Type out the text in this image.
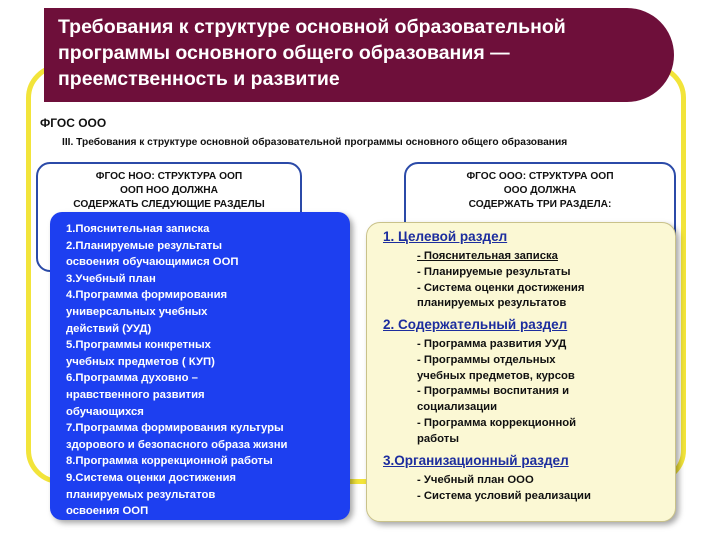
Требования к структуре основной образовательной
программы основного общего образования —
преемственность и развитие
ФГОС ООО
III. Требования к структуре основной образовательной программы основного общего образования
ФГОС НОО: СТРУКТУРА ООП
ООП НОО ДОЛЖНА
СОДЕРЖАТЬ СЛЕДУЮЩИЕ РАЗДЕЛЫ
ФГОС ООО: СТРУКТУРА ООП
ООО ДОЛЖНА
СОДЕРЖАТЬ ТРИ РАЗДЕЛА:
1.Пояснительная записка
2.Планируемые результаты
освоения обучающимися ООП
3.Учебный план
4.Программа формирования
универсальных учебных
действий (УУД)
5.Программы конкретных
учебных предметов ( КУП)
6.Программа духовно –
нравственного развития
обучающихся
7.Программа формирования культуры
здорового и безопасного образа жизни
8.Программа коррекционной работы
9.Система оценки достижения
планируемых результатов
освоения ООП
1. Целевой раздел
- Пояснительная записка
- Планируемые результаты
- Система оценки достижения
планируемых результатов
2. Содержательный раздел
- Программа развития УУД
- Программы отдельных
учебных предметов, курсов
- Программы воспитания и
социализации
- Программа коррекционной
работы
3.Организационный раздел
- Учебный план ООО
- Система условий реализации
